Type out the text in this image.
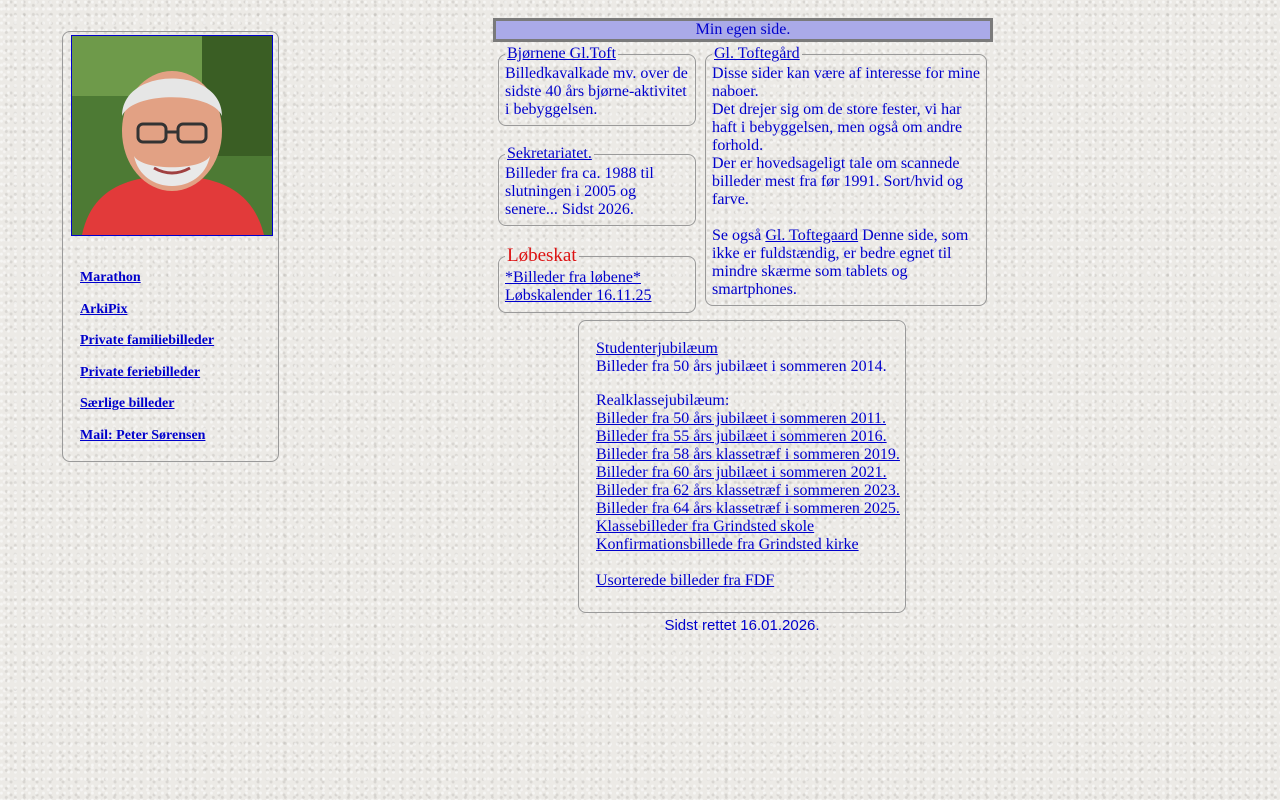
Marathon
ArkiPix
Private familiebilleder
Private feriebilleder
Særlige billeder
Mail: Peter Sørensen
Min egen side.
Bjørnene Gl.Toft
Billedkavalkade mv. over de sidste 40 års bjørne-aktivitet i bebyggelsen.
Sekretariatet.
Billeder fra ca. 1988 til slutningen i 2005 og senere... Sidst 2026.
Løbeskat
*Billeder fra løbene*
Løbskalender 16.11.25
Gl. Toftegård

Disse sider kan være af interesse for mine naboer.

Det drejer sig om de store fester, vi har haft i bebyggelsen, men også om andre forhold.

Der er hovedsageligt tale om scannede billeder mest fra før 1991. Sort/hvid og farve.

Se også Gl. Toftegaard Denne side, som ikke er fuldstændig, er bedre egnet til mindre skærme som tablets og smartphones.

Studenterjubilæum
Billeder fra 50 års jubilæet i sommeren 2014.
Realklassejubilæum:
Billeder fra 50 års jubilæet i sommeren 2011.
Billeder fra 55 års jubilæet i sommeren 2016.
Billeder fra 58 års klassetræf i sommeren 2019.
Billeder fra 60 års jubilæet i sommeren 2021.
Billeder fra 62 års klassetræf i sommeren 2023.
Billeder fra 64 års klassetræf i sommeren 2025.
Klassebilleder fra Grindsted skole
Konfirmationsbillede fra Grindsted kirke
Usorterede billeder fra FDF
Sidst rettet 16.01.2026.
